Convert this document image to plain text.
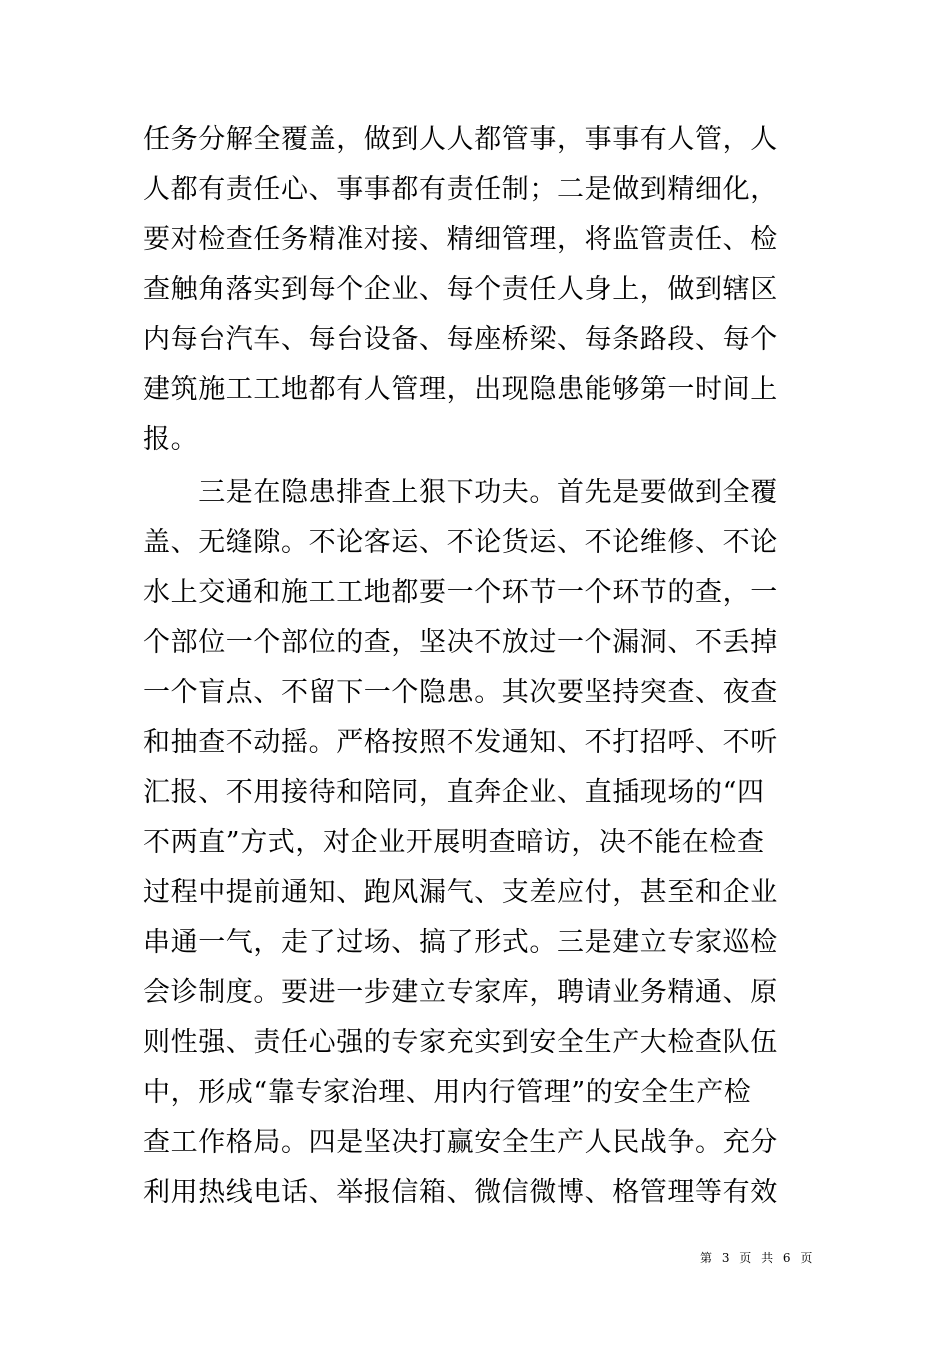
任务分解全覆盖，做到人人都管事，事事有人管，人
人都有责任心、事事都有责任制；二是做到精细化，
要对检查任务精准对接、精细管理，将监管责任、检
查触角落实到每个企业、每个责任人身上，做到辖区
内每台汽车、每台设备、每座桥梁、每条路段、每个
建筑施工工地都有人管理，出现隐患能够第一时间上
报。
　　三是在隐患排查上狠下功夫。首先是要做到全覆
盖、无缝隙。不论客运、不论货运、不论维修、不论
水上交通和施工工地都要一个环节一个环节的查，一
个部位一个部位的查，坚决不放过一个漏洞、不丢掉
一个盲点、不留下一个隐患。其次要坚持突查、夜查
和抽查不动摇。严格按照不发通知、不打招呼、不听
汇报、不用接待和陪同，直奔企业、直插现场的“四
不两直”方式，对企业开展明查暗访，决不能在检查
过程中提前通知、跑风漏气、支差应付，甚至和企业
串通一气，走了过场、搞了形式。三是建立专家巡检
会诊制度。要进一步建立专家库，聘请业务精通、原
则性强、责任心强的专家充实到安全生产大检查队伍
中，形成“靠专家治理、用内行管理”的安全生产检
查工作格局。四是坚决打赢安全生产人民战争。充分
利用热线电话、举报信箱、微信微博、格管理等有效
第 3 页 共 6 页
